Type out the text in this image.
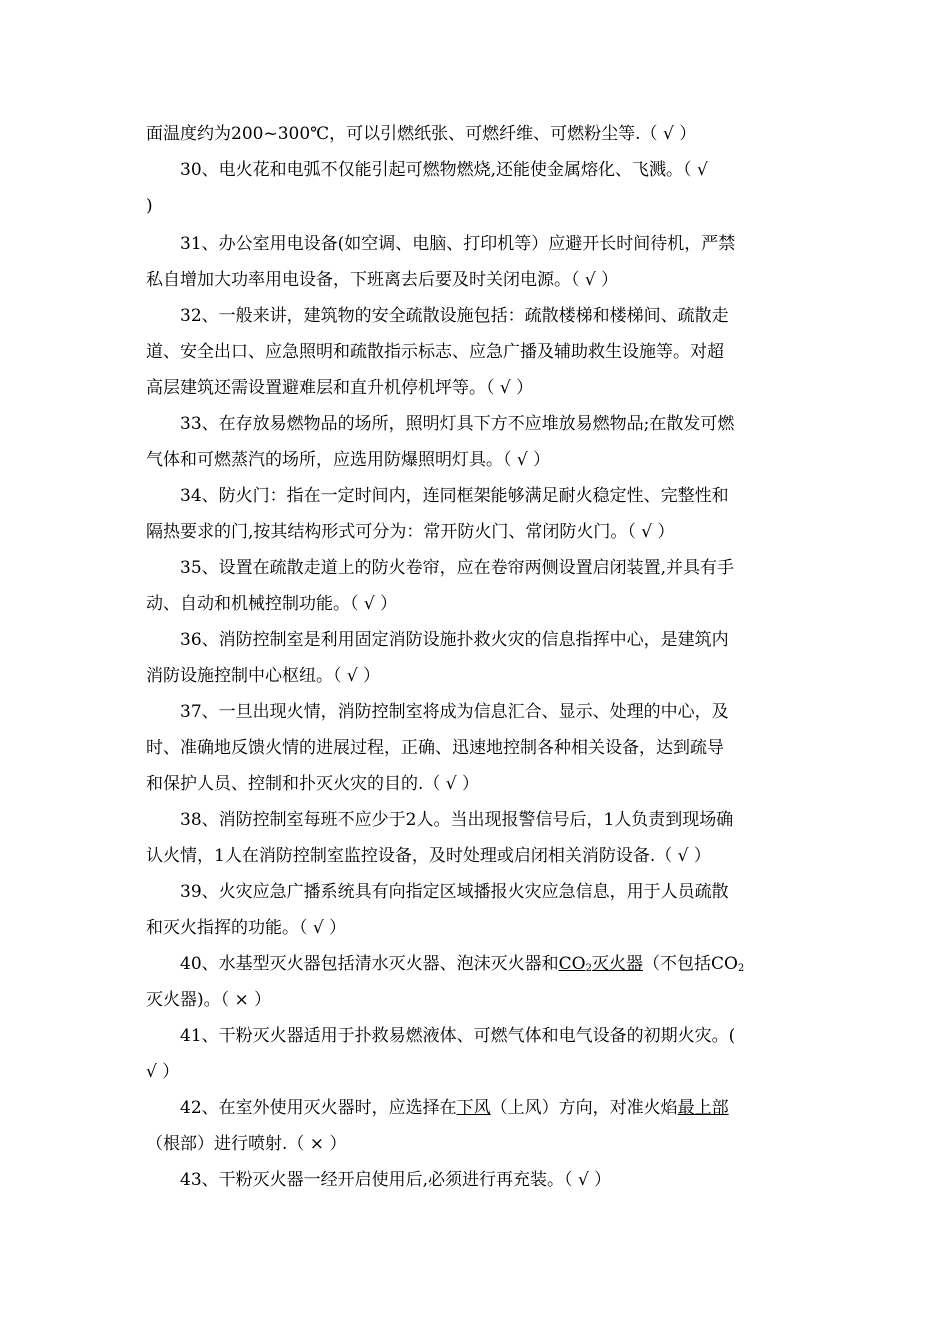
面温度约为200~300℃，可以引燃纸张、可燃纤维、可燃粉尘等.（ √ ）
30、电火花和电弧不仅能引起可燃物燃烧,还能使金属熔化、飞溅。（ √
)
31、办公室用电设备(如空调、电脑、打印机等）应避开长时间待机，严禁
私自增加大功率用电设备，下班离去后要及时关闭电源。（ √ ）
32、一般来讲，建筑物的安全疏散设施包括：疏散楼梯和楼梯间、疏散走
道、安全出口、应急照明和疏散指示标志、应急广播及辅助救生设施等。对超
高层建筑还需设置避难层和直升机停机坪等。（ √ ）
33、在存放易燃物品的场所，照明灯具下方不应堆放易燃物品;在散发可燃
气体和可燃蒸汽的场所，应选用防爆照明灯具。（ √ ）
34、防火门：指在一定时间内，连同框架能够满足耐火稳定性、完整性和
隔热要求的门,按其结构形式可分为：常开防火门、常闭防火门。（ √ ）
35、设置在疏散走道上的防火卷帘，应在卷帘两侧设置启闭装置,并具有手
动、自动和机械控制功能。（ √ ）
36、消防控制室是利用固定消防设施扑救火灾的信息指挥中心，是建筑内
消防设施控制中心枢纽。（ √ ）
37、一旦出现火情，消防控制室将成为信息汇合、显示、处理的中心，及
时、准确地反馈火情的进展过程，正确、迅速地控制各种相关设备，达到疏导
和保护人员、控制和扑灭火灾的目的.（ √ ）
38、消防控制室每班不应少于2人。当出现报警信号后，1人负责到现场确
认火情，1人在消防控制室监控设备，及时处理或启闭相关消防设备.（ √ ）
39、火灾应急广播系统具有向指定区域播报火灾应急信息，用于人员疏散
和灭火指挥的功能。（ √ ）
40、水基型灭火器包括清水灭火器、泡沫灭火器和$CO_2$灭火器（不包括$CO_2$
灭火器)。（ × ）
41、干粉灭火器适用于扑救易燃液体、可燃气体和电气设备的初期火灾。(
√ ）
42、在室外使用灭火器时，应选择在下风（上风）方向，对准火焰最上部
（根部）进行喷射.（ × ）
43、干粉灭火器一经开启使用后,必须进行再充装。（ √ ）
